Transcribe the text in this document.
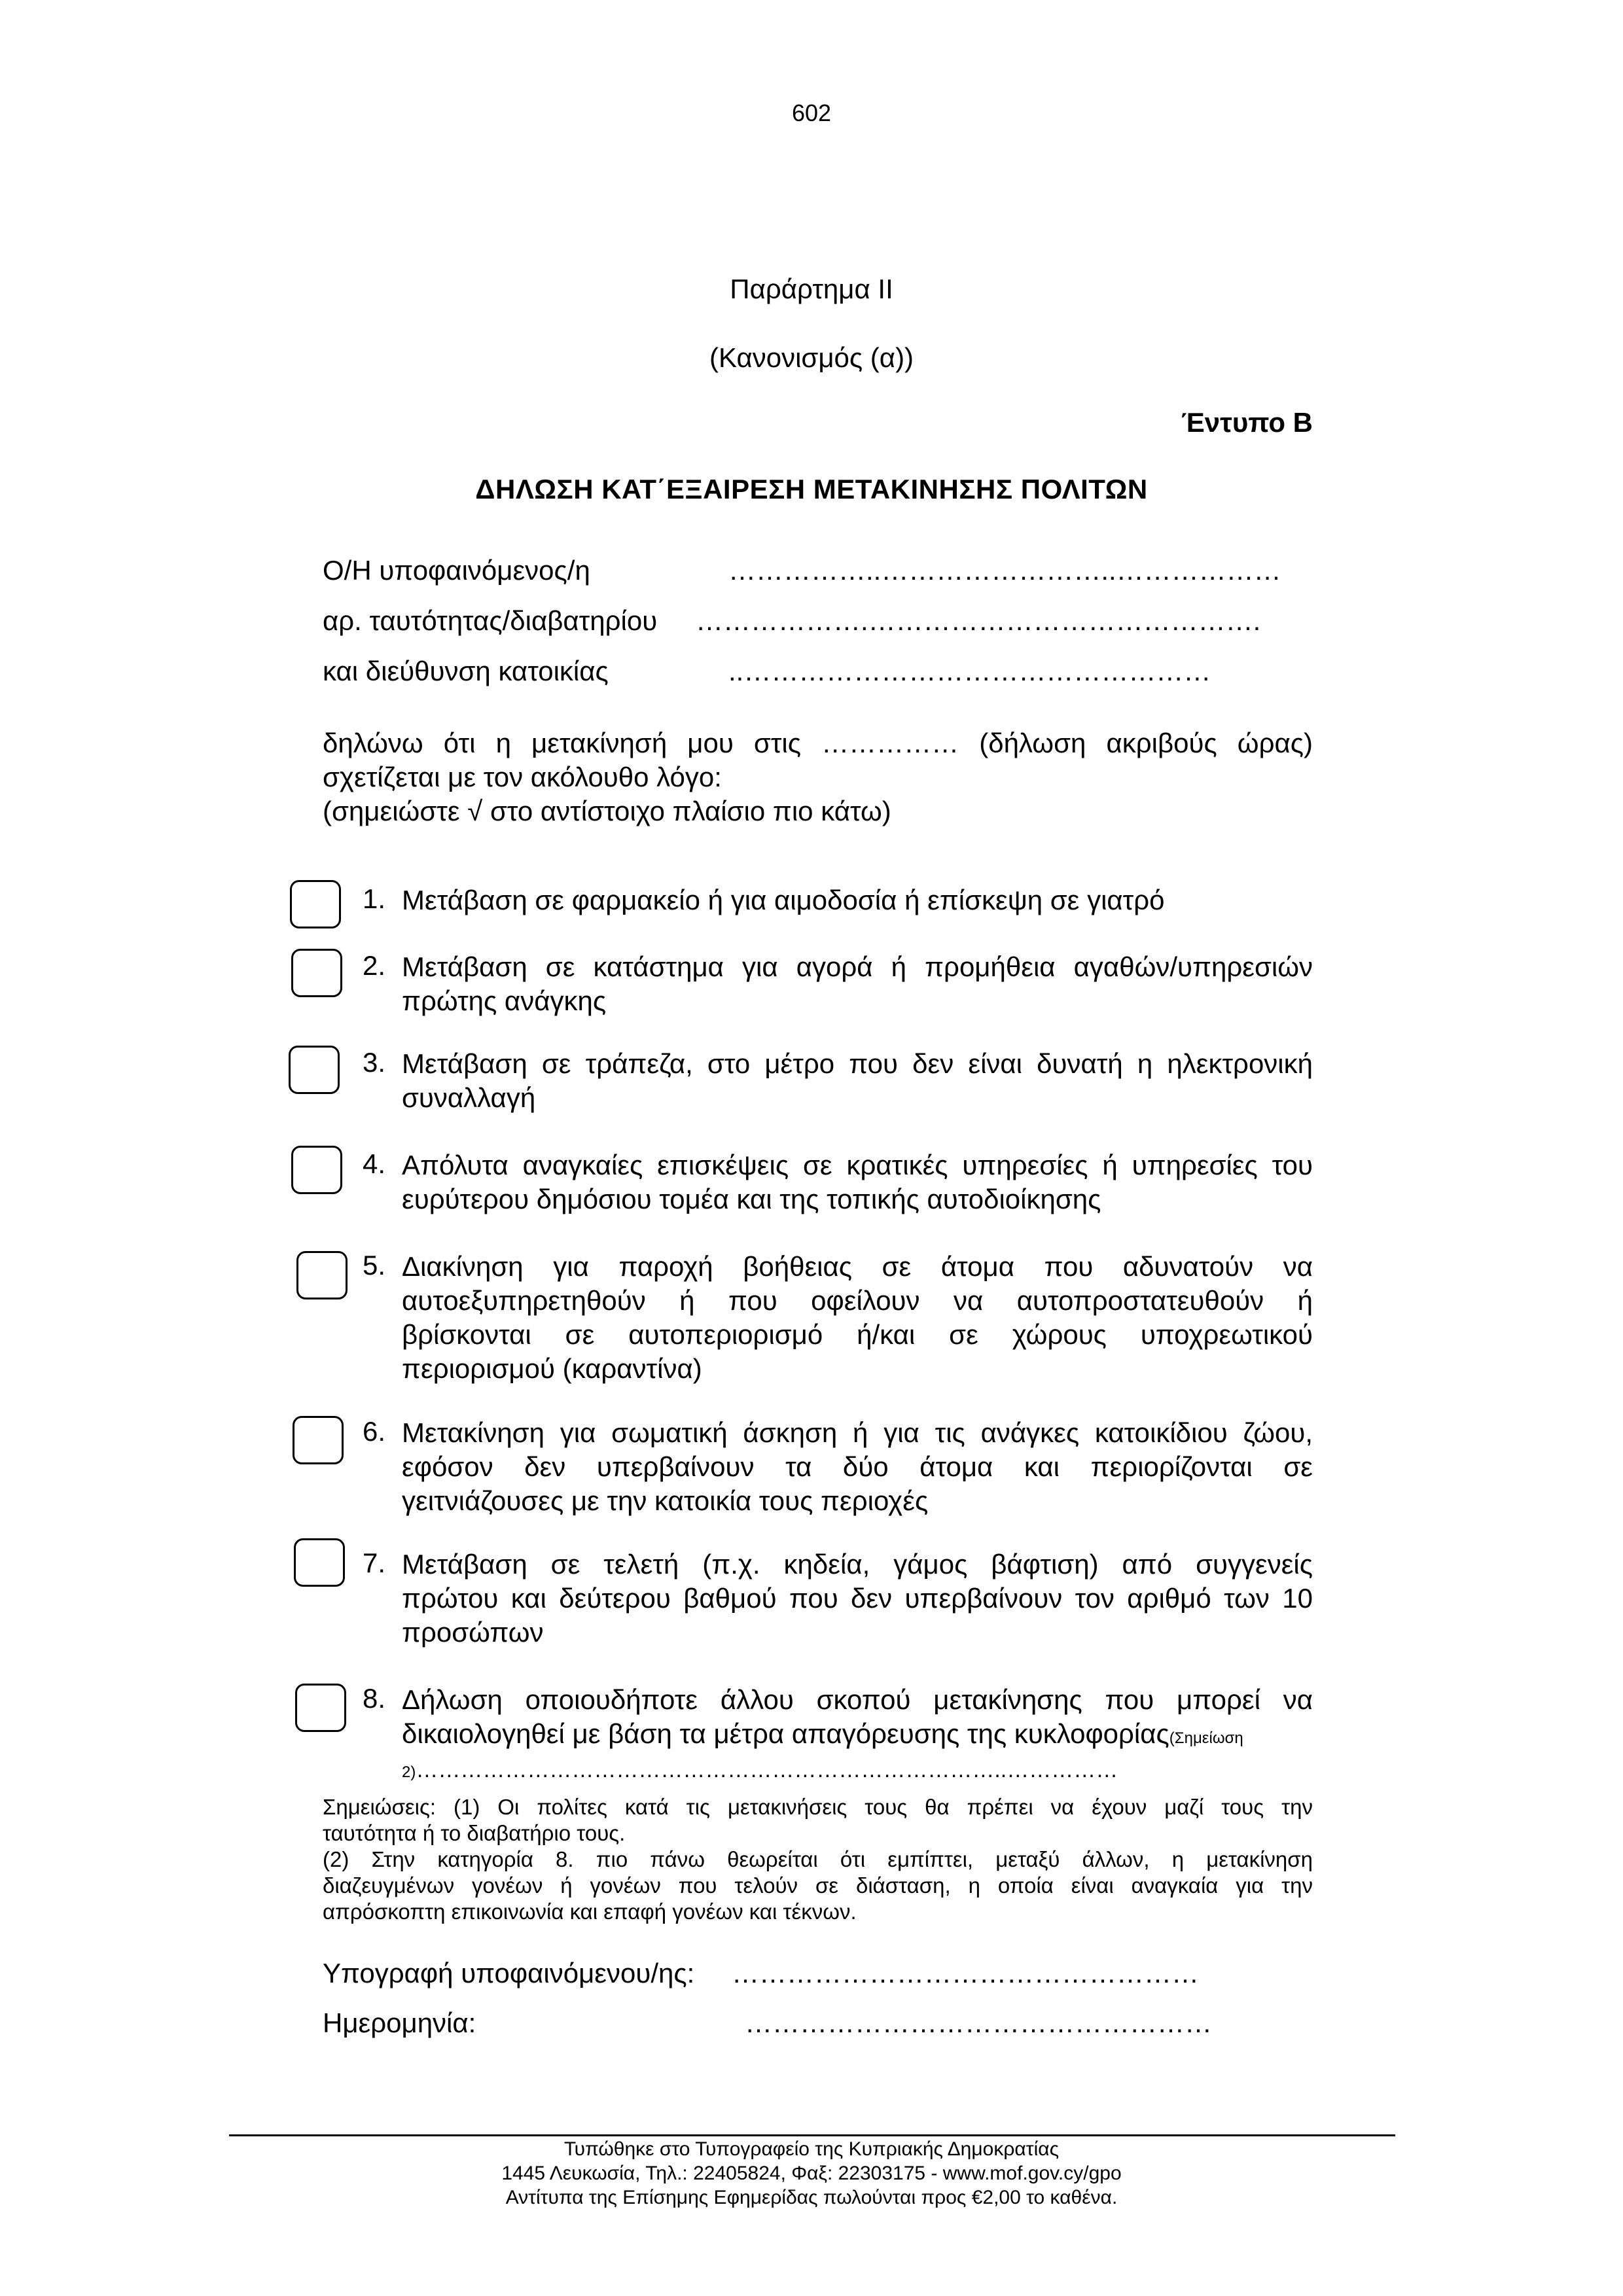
602
Παράρτημα ΙΙ
(Κανονισμός (α))
Έντυπο Β
ΔΗΛΩΣΗ ΚΑΤ΄ΕΞΑΙΡΕΣΗ ΜΕΤΑΚΙΝΗΣΗΣ ΠΟΛΙΤΩΝ
Ο/Η υποφαινόμενος/η	……………..……………………..………………
αρ. ταυτότητας/διαβατηρίου ……………….…………………………………….
και διεύθυνση κατοικίας	..……………………………………………
δηλώνω ότι η μετακίνησή μου στις …………… (δήλωση ακριβούς ώρας)
σχετίζεται με τον ακόλουθο λόγο:
(σημειώστε √ στο αντίστοιχο πλαίσιο πιο κάτω)
1. Μετάβαση σε φαρμακείο ή για αιμοδοσία ή επίσκεψη σε γιατρό
2. Μετάβαση σε κατάστημα για αγορά ή προμήθεια αγαθών/υπηρεσιών
πρώτης ανάγκης
3. Μετάβαση σε τράπεζα, στο μέτρο που δεν είναι δυνατή η ηλεκτρονική
συναλλαγή
4. Απόλυτα αναγκαίες επισκέψεις σε κρατικές υπηρεσίες ή υπηρεσίες του
ευρύτερου δημόσιου τομέα και της τοπικής αυτοδιοίκησης
5. Διακίνηση για παροχή βοήθειας σε άτομα που αδυνατούν να
αυτοεξυπηρετηθούν ή που οφείλουν να αυτοπροστατευθούν ή
βρίσκονται σε αυτοπεριορισμό ή/και σε χώρους υποχρεωτικού
περιορισμού (καραντίνα)
6. Μετακίνηση για σωματική άσκηση ή για τις ανάγκες κατοικίδιου ζώου,
εφόσον δεν υπερβαίνουν τα δύο άτομα και περιορίζονται σε
γειτνιάζουσες με την κατοικία τους περιοχές
7. Μετάβαση σε τελετή (π.χ. κηδεία, γάμος βάφτιση) από συγγενείς
πρώτου και δεύτερου βαθμού που δεν υπερβαίνουν τον αριθμό των 10
προσώπων
8. Δήλωση οποιουδήποτε άλλου σκοπού μετακίνησης που μπορεί να
δικαιολογηθεί με βάση τα μέτρα απαγόρευσης της κυκλοφορίας(Σημείωση
2)……………………………………………………………………..……………
Σημειώσεις: (1) Οι πολίτες κατά τις μετακινήσεις τους θα πρέπει να έχουν μαζί τους την
ταυτότητα ή το διαβατήριο τους.
(2) Στην κατηγορία 8. πιο πάνω θεωρείται ότι εμπίπτει, μεταξύ άλλων, η μετακίνηση
διαζευγμένων γονέων ή γονέων που τελούν σε διάσταση, η οποία είναι αναγκαία για την
απρόσκοπτη επικοινωνία και επαφή γονέων και τέκνων.
Υπογραφή υποφαινόμενου/ης: ……………………………………………
Ημερομηνία:	……………………………………………
Τυπώθηκε στο Τυπογραφείο της Κυπριακής Δημοκρατίας
1445 Λευκωσία, Τηλ.: 22405824, Φαξ: 22303175 - www.mof.gov.cy/gpo
Αντίτυπα της Επίσημης Εφημερίδας πωλούνται προς €2,00 το καθένα.
